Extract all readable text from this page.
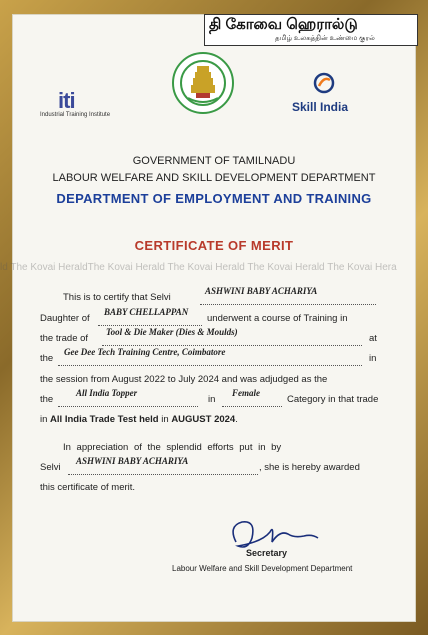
தி கோவை ஹெரால்டு
தமிழ் உலகத்தின் உண்மை குரல்
iti
Industrial Training Institute
Skill India
GOVERNMENT OF TAMILNADU
LABOUR WELFARE AND SKILL DEVELOPMENT DEPARTMENT
DEPARTMENT OF EMPLOYMENT AND TRAINING
CERTIFICATE OF MERIT
ld The Kovai HeraldThe Kovai Herald The Kovai Herald The Kovai Herald The Kovai Hera
This is to certify that Selvi
ASHWINI BABY ACHARIYA
Daughter of
BABY CHELLAPPAN
underwent a course of Training in
the trade of
Tool & Die Maker (Dies & Moulds)
at
the
Gee Dee Tech Training Centre, Coimbatore
in
the session from August 2022 to July 2024 and was adjudged as the
the
All India Topper
in
Female
Category in that trade
in All India Trade Test held in AUGUST 2024.
In appreciation of the splendid efforts put in by
Selvi
ASHWINI BABY ACHARIYA
, she is hereby awarded
this certificate of merit.
Secretary
Labour Welfare and Skill Development Department
